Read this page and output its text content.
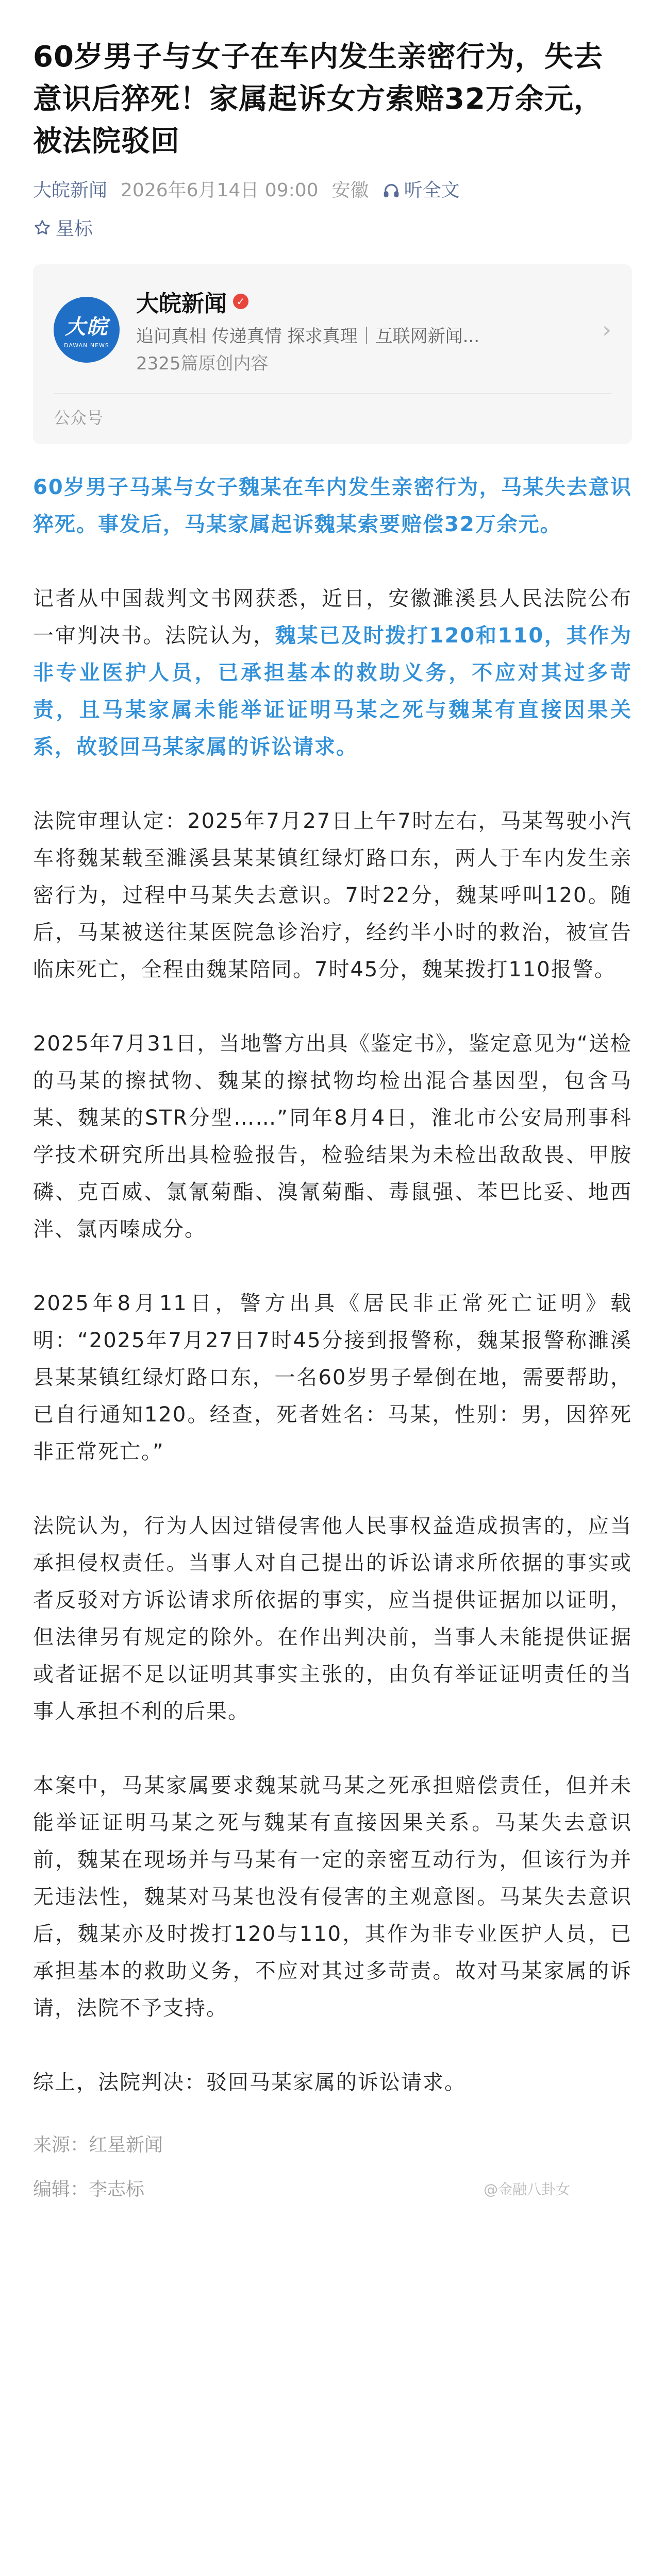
60岁男子与女子在车内发生亲密行为，失去意识后猝死！家属起诉女方索赔32万余元，被法院驳回
大皖新闻 2026年6月14日 09:00 安徽 听全文
星标
大皖
DAWAN NEWS
大皖新闻 ✓
追问真相 传递真情 探求真理｜互联网新闻...
2325篇原创内容
›
公众号

60岁男子马某与女子魏某在车内发生亲密行为，马某失去意识猝死。事发后，马某家属起诉魏某索要赔偿32万余元。

记者从中国裁判文书网获悉，近日，安徽濉溪县人民法院公布一审判决书。法院认为，魏某已及时拨打120和110，其作为非专业医护人员，已承担基本的救助义务，不应对其过多苛责，且马某家属未能举证证明马某之死与魏某有直接因果关系，故驳回马某家属的诉讼请求。

法院审理认定：2025年7月27日上午7时左右，马某驾驶小汽车将魏某载至濉溪县某某镇红绿灯路口东，两人于车内发生亲密行为，过程中马某失去意识。7时22分，魏某呼叫120。随后，马某被送往某医院急诊治疗，经约半小时的救治，被宣告临床死亡，全程由魏某陪同。7时45分，魏某拨打110报警。

2025年7月31日，当地警方出具《鉴定书》，鉴定意见为“送检的马某的擦拭物、魏某的擦拭物均检出混合基因型，包含马某、魏某的STR分型……”同年8月4日，淮北市公安局刑事科学技术研究所出具检验报告，检验结果为未检出敌敌畏、甲胺磷、克百威、氯氰菊酯、溴氰菊酯、毒鼠强、苯巴比妥、地西泮、氯丙嗪成分。

2025年8月11日，警方出具《居民非正常死亡证明》载明：“2025年7月27日7时45分接到报警称，魏某报警称濉溪县某某镇红绿灯路口东，一名60岁男子晕倒在地，需要帮助，已自行通知120。经查，死者姓名：马某，性别：男，因猝死非正常死亡。”

法院认为，行为人因过错侵害他人民事权益造成损害的，应当承担侵权责任。当事人对自己提出的诉讼请求所依据的事实或者反驳对方诉讼请求所依据的事实，应当提供证据加以证明，但法律另有规定的除外。在作出判决前，当事人未能提供证据或者证据不足以证明其事实主张的，由负有举证证明责任的当事人承担不利的后果。

本案中，马某家属要求魏某就马某之死承担赔偿责任，但并未能举证证明马某之死与魏某有直接因果关系。马某失去意识前，魏某在现场并与马某有一定的亲密互动行为，但该行为并无违法性，魏某对马某也没有侵害的主观意图。马某失去意识后，魏某亦及时拨打120与110，其作为非专业医护人员，已承担基本的救助义务，不应对其过多苛责。故对马某家属的诉请，法院不予支持。

综上，法院判决：驳回马某家属的诉讼请求。

来源：红星新闻
编辑：李志标	@金融八卦女
